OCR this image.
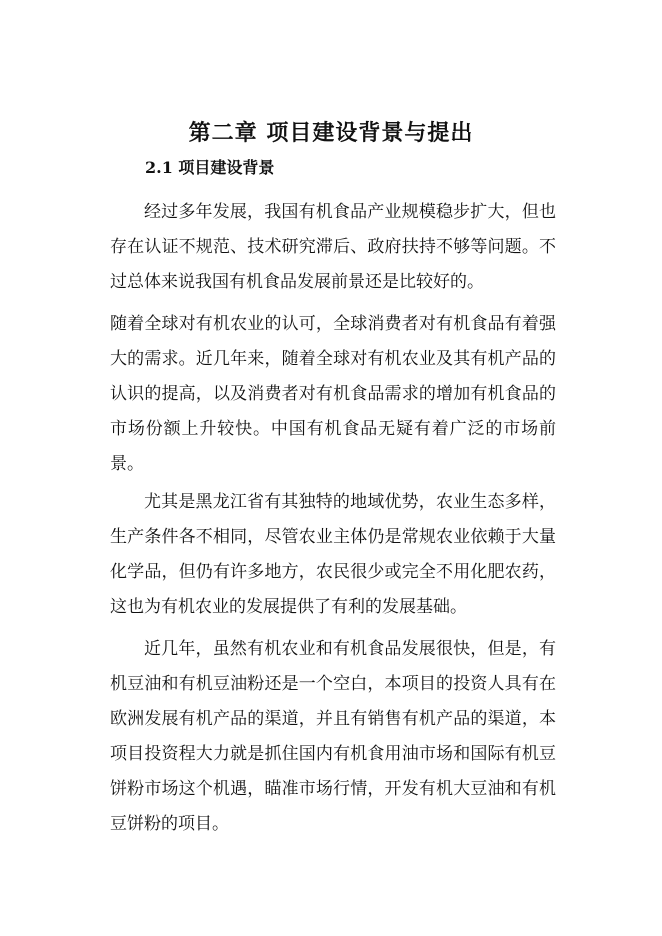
第二章 项目建设背景与提出
2.1 项目建设背景

经过多年发展，我国有机食品产业规模稳步扩大，但也存在认证不规范、技术研究滞后、政府扶持不够等问题。不过总体来说我国有机食品发展前景还是比较好的。

随着全球对有机农业的认可，全球消费者对有机食品有着强大的需求。近几年来，随着全球对有机农业及其有机产品的认识的提高，以及消费者对有机食品需求的增加有机食品的市场份额上升较快。中国有机食品无疑有着广泛的市场前景。

尤其是黑龙江省有其独特的地域优势，农业生态多样，生产条件各不相同，尽管农业主体仍是常规农业依赖于大量化学品，但仍有许多地方，农民很少或完全不用化肥农药，这也为有机农业的发展提供了有利的发展基础。

近几年，虽然有机农业和有机食品发展很快，但是，有机豆油和有机豆油粉还是一个空白，本项目的投资人具有在欧洲发展有机产品的渠道，并且有销售有机产品的渠道，本项目投资程大力就是抓住国内有机食用油市场和国际有机豆饼粉市场这个机遇，瞄准市场行情，开发有机大豆油和有机豆饼粉的项目。
